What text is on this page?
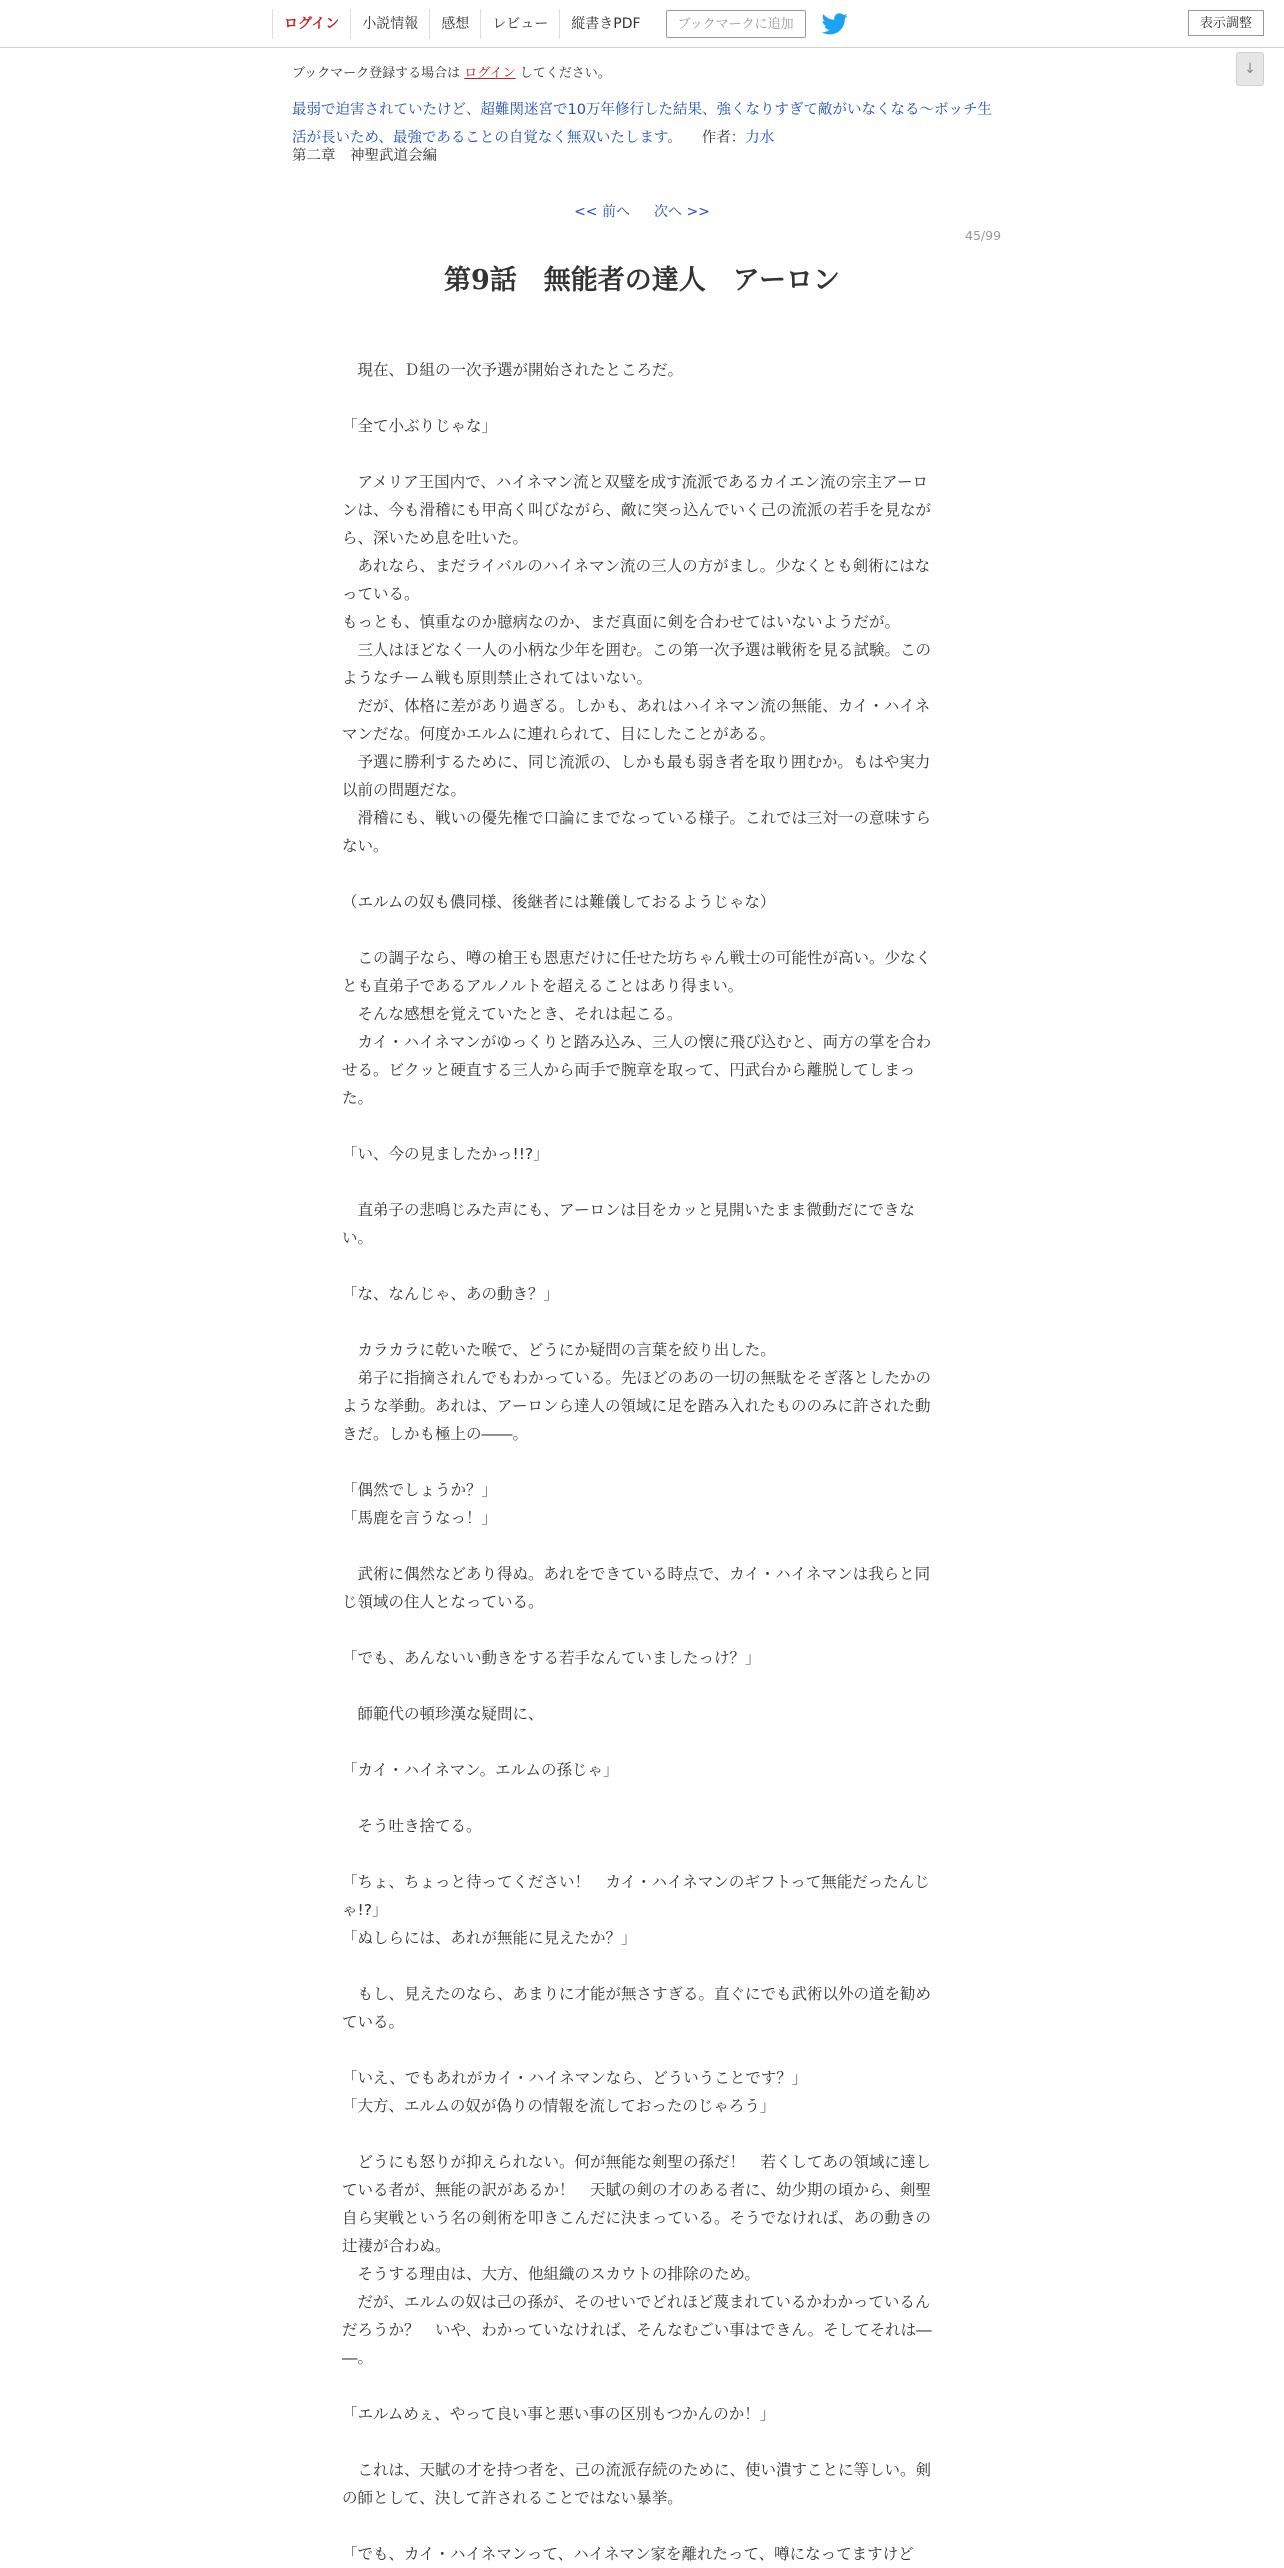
ログイン	小説情報	感想	レビュー	縦書きPDF	ブックマークに追加	表示調整
↓
ブックマーク登録する場合は ログイン してください。
最弱で迫害されていたけど、超難関迷宮で10万年修行した結果、強くなりすぎて敵がいなくなる～ボッチ生活が長いため、最強であることの自覚なく無双いたします。 作者：力水
第二章　神聖武道会編
<< 前へ 次へ >>
45/99
第9話　無能者の達人　アーロン

　現在、Ｄ組の一次予選が開始されたところだ。

「全て小ぶりじゃな」

　アメリア王国内で、ハイネマン流と双璧を成す流派であるカイエン流の宗主アーロンは、今も滑稽にも甲高く叫びながら、敵に突っ込んでいく己の流派の若手を見ながら、深いため息を吐いた。

　あれなら、まだライバルのハイネマン流の三人の方がまし。少なくとも剣術にはなっている。

もっとも、慎重なのか臆病なのか、まだ真面に剣を合わせてはいないようだが。

　三人はほどなく一人の小柄な少年を囲む。この第一次予選は戦術を見る試験。このようなチーム戦も原則禁止されてはいない。

　だが、体格に差があり過ぎる。しかも、あれはハイネマン流の無能、カイ・ハイネマンだな。何度かエルムに連れられて、目にしたことがある。

　予選に勝利するために、同じ流派の、しかも最も弱き者を取り囲むか。もはや実力以前の問題だな。

　滑稽にも、戦いの優先権で口論にまでなっている様子。これでは三対一の意味すらない。

（エルムの奴も儂同様、後継者には難儀しておるようじゃな）

　この調子なら、噂の槍王も恩恵だけに任せた坊ちゃん戦士の可能性が高い。少なくとも直弟子であるアルノルトを超えることはあり得まい。

　そんな感想を覚えていたとき、それは起こる。

　カイ・ハイネマンがゆっくりと踏み込み、三人の懐に飛び込むと、両方の掌を合わせる。ビクッと硬直する三人から両手で腕章を取って、円武台から離脱してしまった。

「い、今の見ましたかっ!!?」

　直弟子の悲鳴じみた声にも、アーロンは目をカッと見開いたまま微動だにできない。

「な、なんじゃ、あの動き？」

　カラカラに乾いた喉で、どうにか疑問の言葉を絞り出した。

　弟子に指摘されんでもわかっている。先ほどのあの一切の無駄をそぎ落としたかのような挙動。あれは、アーロンら達人の領域に足を踏み入れたもののみに許された動きだ。しかも極上の――。

「偶然でしょうか？」

「馬鹿を言うなっ！」

　武術に偶然などあり得ぬ。あれをできている時点で、カイ・ハイネマンは我らと同じ領域の住人となっている。

「でも、あんないい動きをする若手なんていましたっけ？」

　師範代の頓珍漢な疑問に、

「カイ・ハイネマン。エルムの孫じゃ」

　そう吐き捨てる。

「ちょ、ちょっと待ってください！　カイ・ハイネマンのギフトって無能だったんじゃ!?」

「ぬしらには、あれが無能に見えたか？」

　もし、見えたのなら、あまりに才能が無さすぎる。直ぐにでも武術以外の道を勧めている。

「いえ、でもあれがカイ・ハイネマンなら、どういうことです？」

「大方、エルムの奴が偽りの情報を流しておったのじゃろう」

　どうにも怒りが抑えられない。何が無能な剣聖の孫だ！　若くしてあの領域に達している者が、無能の訳があるか！　天賦の剣の才のある者に、幼少期の頃から、剣聖自ら実戦という名の剣術を叩きこんだに決まっている。そうでなければ、あの動きの辻褄が合わぬ。

　そうする理由は、大方、他組織のスカウトの排除のため。

　だが、エルムの奴は己の孫が、そのせいでどれほど蔑まれているかわかっているんだろうか？　いや、わかっていなければ、そんなむごい事はできん。そしてそれは――。

「エルムめぇ、やって良い事と悪い事の区別もつかんのか！」

　これは、天賦の才を持つ者を、己の流派存続のために、使い潰すことに等しい。剣の師として、決して許されることではない暴挙。

「でも、カイ・ハイネマンって、ハイネマン家を離れたって、噂になってますけど
